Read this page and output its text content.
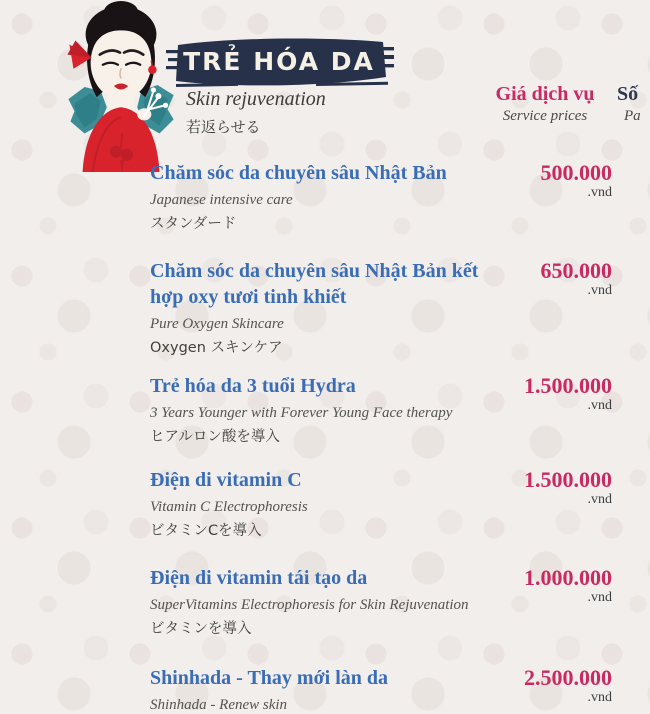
TRẺ HÓA DA
Skin rejuvenation
若返らせる
Giá dịch vụ
Service prices
Số
Pa
Chăm sóc da chuyên sâu Nhật Bản
Japanese intensive care
スタンダード
500.000
.vnd
Chăm sóc da chuyên sâu Nhật Bản kết hợp oxy tươi tinh khiết
Pure Oxygen Skincare
Oxygen スキンケア
650.000
.vnd
Trẻ hóa da 3 tuổi Hydra
3 Years Younger with Forever Young Face therapy
ヒアルロン酸を導入
1.500.000
.vnd
Điện di vitamin C
Vitamin C Electrophoresis
ビタミンCを導入
1.500.000
.vnd
Điện di vitamin tái tạo da
SuperVitamins Electrophoresis for Skin Rejuvenation
ビタミンを導入
1.000.000
.vnd
Shinhada - Thay mới làn da
Shinhada - Renew skin
2.500.000
.vnd
